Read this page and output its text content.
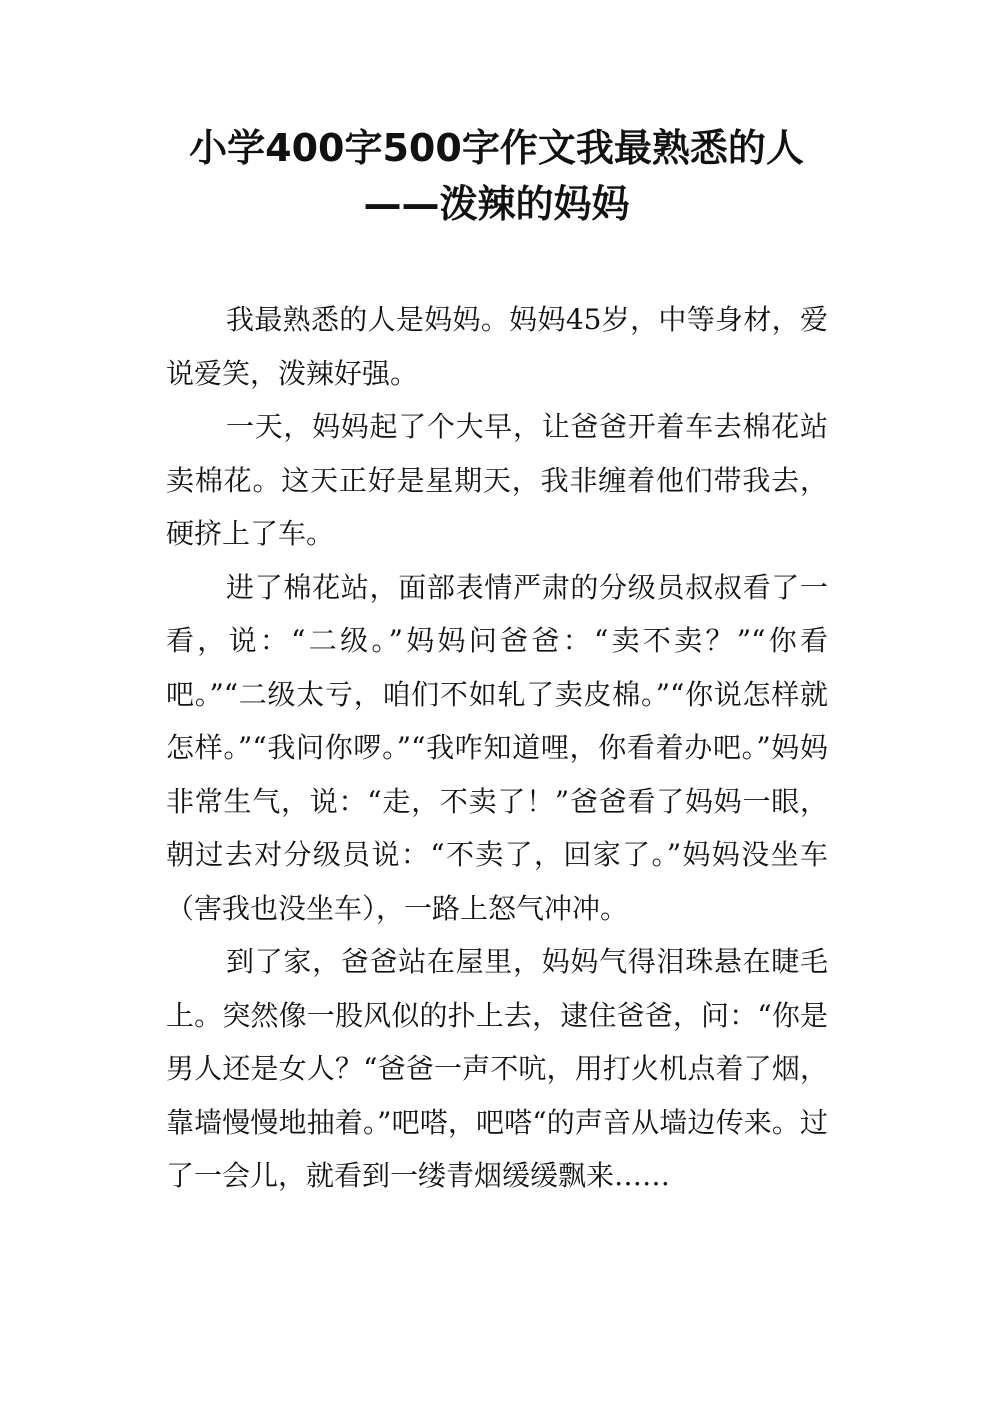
小学400字500字作文我最熟悉的人
——泼辣的妈妈

我最熟悉的人是妈妈。妈妈45岁，中等身材，爱说爱笑，泼辣好强。

一天，妈妈起了个大早，让爸爸开着车去棉花站卖棉花。这天正好是星期天，我非缠着他们带我去，硬挤上了车。

进了棉花站，面部表情严肃的分级员叔叔看了一看，说：“二级。”妈妈问爸爸：“卖不卖？”“你看吧。”“二级太亏，咱们不如轧了卖皮棉。”“你说怎样就怎样。”“我问你啰。”“我咋知道哩，你看着办吧。”妈妈非常生气，说：“走，不卖了！”爸爸看了妈妈一眼，朝过去对分级员说：“不卖了，回家了。”妈妈没坐车（害我也没坐车），一路上怒气冲冲。

到了家，爸爸站在屋里，妈妈气得泪珠悬在睫毛上。突然像一股风似的扑上去，逮住爸爸，问：“你是男人还是女人？“爸爸一声不吭，用打火机点着了烟，靠墙慢慢地抽着。”吧嗒，吧嗒“的声音从墙边传来。过了一会儿，就看到一缕青烟缓缓飘来……
